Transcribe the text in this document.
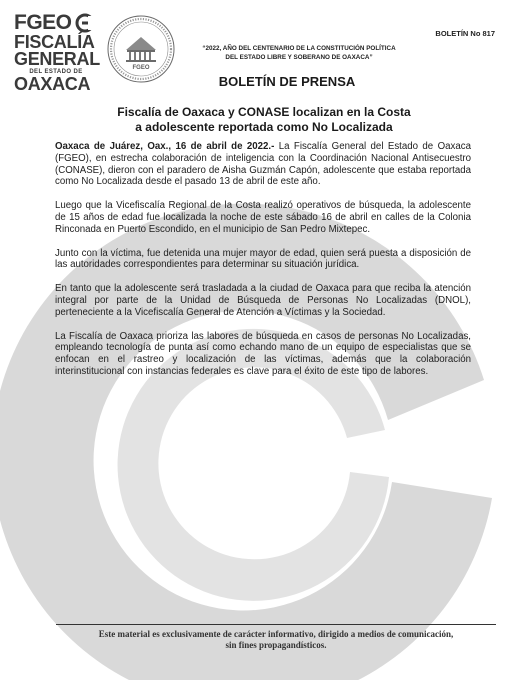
FGEO
FISCALÍA
GENERAL
DEL ESTADO DE
OAXACA
FGEO
BOLETÍN No 817
“2022, AÑO DEL CENTENARIO DE LA CONSTITUCIÓN POLÍTICA
DEL ESTADO LIBRE Y SOBERANO DE OAXACA”
BOLETÍN DE PRENSA
Fiscalía de Oaxaca y CONASE localizan en la Costa
a adolescente reportada como No Localizada

Oaxaca de Juárez, Oax., 16 de abril de 2022.- La Fiscalía General del Estado de Oaxaca (FGEO), en estrecha colaboración de inteligencia con la Coordinación Nacional Antisecuestro (CONASE), dieron con el paradero de Aisha Guzmán Capón, adolescente que estaba reportada como No Localizada desde el pasado 13 de abril de este año.

Luego que la Vicefiscalía Regional de la Costa realizó operativos de búsqueda, la adolescente de 15 años de edad fue localizada la noche de este sábado 16 de abril en calles de la Colonia Rinconada en Puerto Escondido, en el municipio de San Pedro Mixtepec.

Junto con la víctima, fue detenida una mujer mayor de edad, quien será puesta a disposición de las autoridades correspondientes para determinar su situación jurídica.

En tanto que la adolescente será trasladada a la ciudad de Oaxaca para que reciba la atención integral por parte de la Unidad de Búsqueda de Personas No Localizadas (DNOL), perteneciente a la Vicefiscalía General de Atención a Víctimas y la Sociedad.

La Fiscalía de Oaxaca prioriza las labores de búsqueda en casos de personas No Localizadas, empleando tecnología de punta así como echando mano de un equipo de especialistas que se enfocan en el rastreo y localización de las víctimas, además que la colaboración interinstitucional con instancias federales es clave para el éxito de este tipo de labores.

Este material es exclusivamente de carácter informativo, dirigido a medios de comunicación,
sin fines propagandísticos.
